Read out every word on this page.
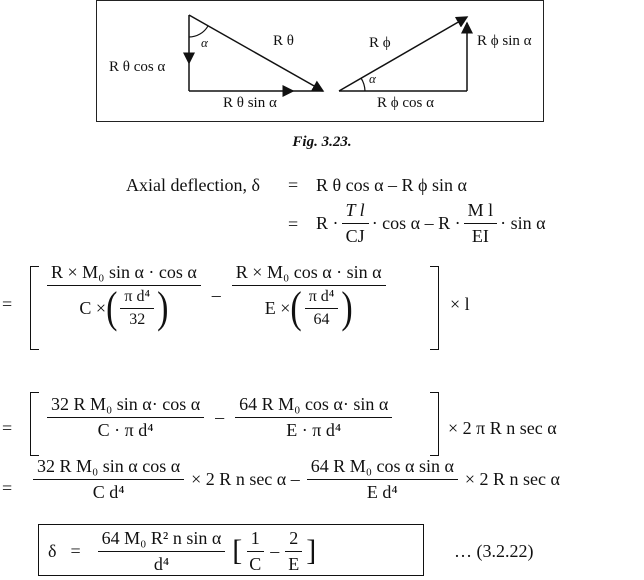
α	R θ
R θ cos α
R θ sin α
R ϕ	R ϕ sin α
R ϕ cos α
α
Fig. 3.23.
Axial deflection, δ = R θ cos α – R ϕ sin α
= $R \cdot \frac{\text{T l}}{CJ} \cdot \cos \alpha - R \cdot \frac{\text{M l}}{EI} \cdot \sin \alpha$
= $\frac{\text{R × M₀ sin α · cos α}}{C \times ( \frac{\text{π d⁴}}{32} )} - \frac{\text{R × M₀ cos α · sin α}}{E \times ( \frac{\text{π d⁴}}{64} )}$	× l
= $\frac{\text{32 R M₀ sin α· cos α}}{\text{C · π d⁴}} - \frac{\text{64 R M₀ cos α· sin α}}{\text{E · π d⁴}}$	× 2 π R n sec α
= $\frac{\text{32 R M₀ sin α cos α}}{\text{C d⁴}} \times 2$ R n $\sec \alpha - \frac{\text{64 R M₀ cos α sin α}}{\text{E d⁴}} \times 2$ R n sec α
$\delta = \frac{\text{64 M₀ R² n sin α}}{\text{d⁴}}$ [ $\frac{1}{C} - \frac{2}{E}$ ]	… (3.2.22)
